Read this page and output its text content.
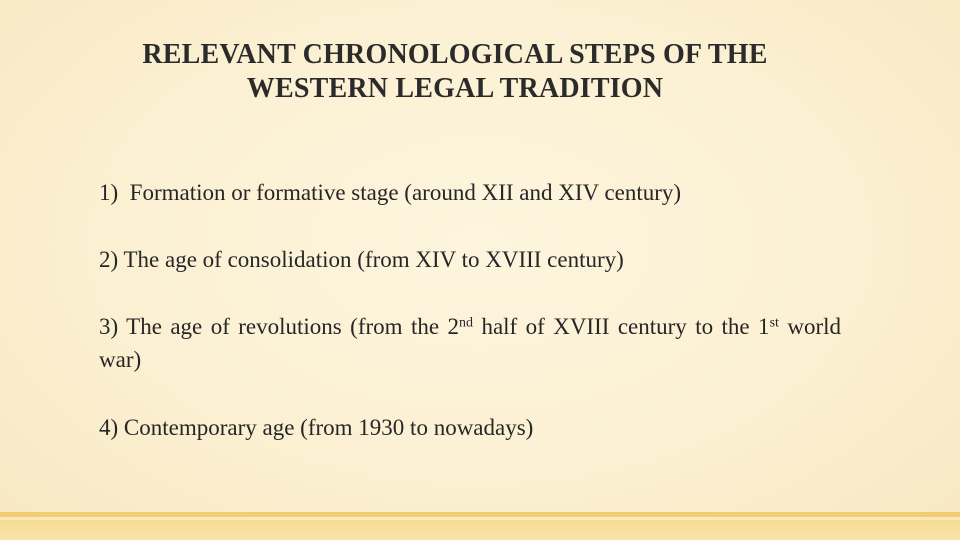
RELEVANT CHRONOLOGICAL STEPS OF THE
WESTERN LEGAL TRADITION
1)  Formation or formative stage (around XII and XIV century)
2) The age of consolidation (from XIV to XVIII century)
3) The age of revolutions (from the 2nd half of XVIII century to the 1st world war)
4) Contemporary age (from 1930 to nowadays)
